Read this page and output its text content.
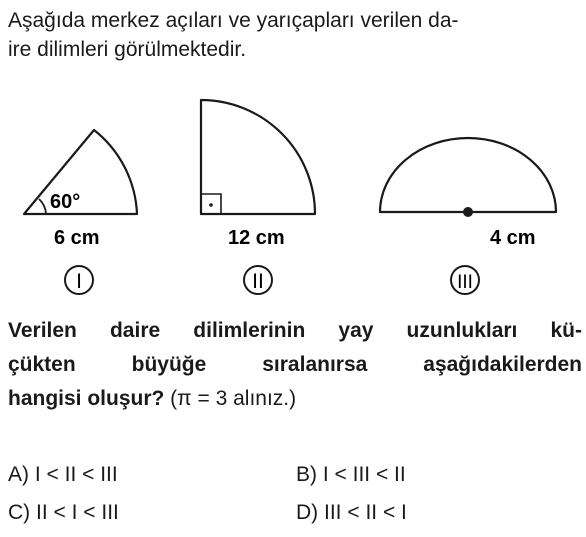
Aşağıda merkez açıları ve yarıçapları verilen da-
ire dilimleri görülmektedir.
60°
6 cm
I
12 cm
II
4 cm
III
Verilen daire dilimlerinin yay uzunlukları kü-
çükten büyüğe sıralanırsa aşağıdakilerden
hangisi oluşur? (π = 3 alınız.)
A) I < II < III	B) I < III < II
C) II < I < III	D) III < II < I
